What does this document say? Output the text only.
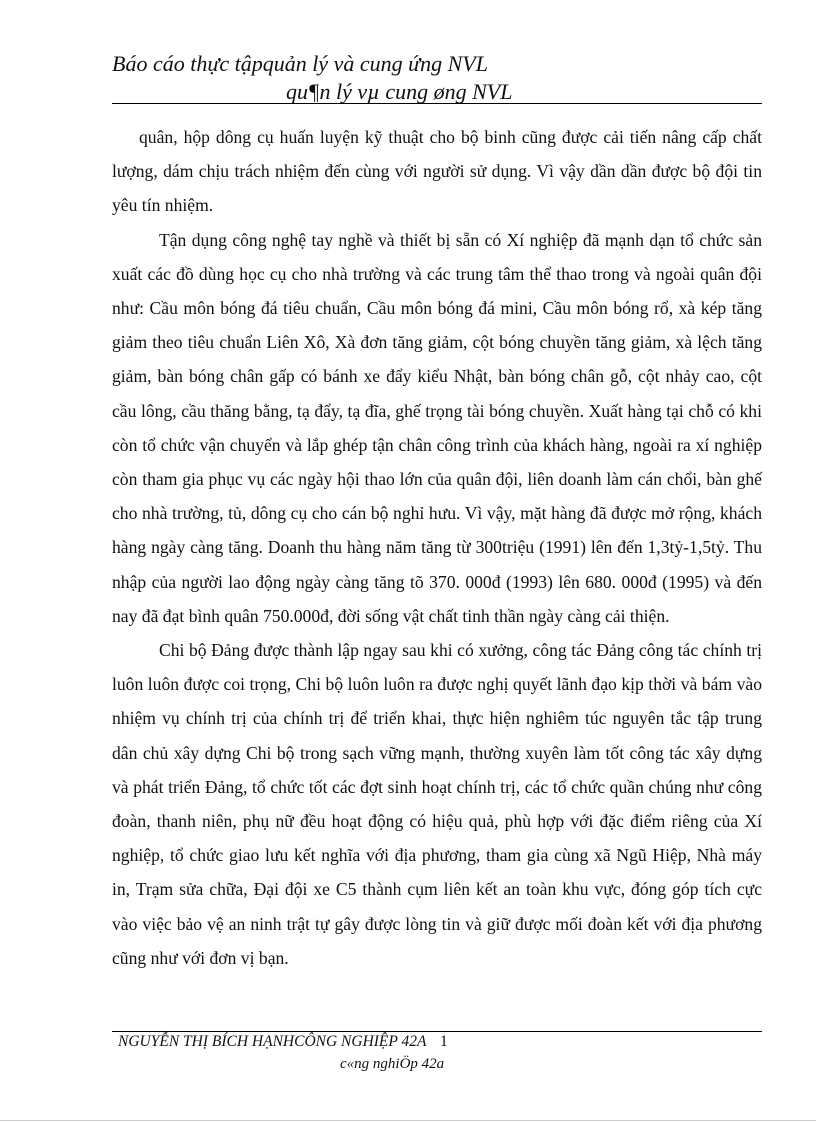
Báo cáo thực tậpquản lý và cung ứng NVL
qu¶n lý vµ cung øng NVL

quân, hộp dông cụ huấn luyện kỹ thuật cho bộ binh cũng được cải tiến nâng cấp chất lượng, dám chịu trách nhiệm đến cùng với người sử dụng. Vì vậy dần dần được bộ đội tin yêu tín nhiệm.

Tận dụng công nghệ tay nghề và thiết bị sẵn có Xí nghiệp đã mạnh dạn tổ chức sản xuất các đồ dùng học cụ cho nhà trường và các trung tâm thể thao trong và ngoài quân đội như: Cầu môn bóng đá tiêu chuẩn, Cầu môn bóng đá mini, Cầu môn bóng rổ, xà kép tăng giảm theo tiêu chuẩn Liên Xô, Xà đơn tăng giảm, cột bóng chuyền tăng giảm, xà lệch tăng giảm, bàn bóng chân gấp có bánh xe đẩy kiểu Nhật, bàn bóng chân gỗ, cột nhảy cao, cột cầu lông, cầu thăng bằng, tạ đẩy, tạ đĩa, ghế trọng tài bóng chuyền. Xuất hàng tại chỗ có khi còn tổ chức vận chuyển và lắp ghép tận chân công trình của khách hàng, ngoài ra xí nghiệp còn tham gia phục vụ các ngày hội thao lớn của quân đội, liên doanh làm cán chổi, bàn ghế cho nhà trường, tủ, dông cụ cho cán bộ nghỉ hưu. Vì vậy, mặt hàng đã được mở rộng, khách hàng ngày càng tăng. Doanh thu hàng năm tăng từ 300triệu (1991) lên đến 1,3tỷ-1,5tỷ. Thu nhập của người lao động ngày càng tăng tõ 370. 000đ (1993) lên 680. 000đ (1995) và đến nay đã đạt bình quân 750.000đ, đời sống vật chất tinh thần ngày càng cải thiện.

Chi bộ Đảng được thành lập ngay sau khi có xưởng, công tác Đảng công tác chính trị luôn luôn được coi trọng, Chi bộ luôn luôn ra được nghị quyết lãnh đạo kịp thời và bám vào nhiệm vụ chính trị của chính trị để triển khai, thực hiện nghiêm túc nguyên tắc tập trung dân chủ xây dựng Chi bộ trong sạch vững mạnh, thường xuyên làm tốt công tác xây dựng và phát triển Đảng, tổ chức tốt các đợt sinh hoạt chính trị, các tổ chức quần chúng như công đoàn, thanh niên, phụ nữ đều hoạt động có hiệu quả, phù hợp với đặc điểm riêng của Xí nghiệp, tổ chức giao lưu kết nghĩa với địa phương, tham gia cùng xã Ngũ Hiệp, Nhà máy in, Trạm sửa chữa, Đại đội xe C5 thành cụm liên kết an toàn khu vực, đóng góp tích cực vào việc bảo vệ an ninh trật tự gây được lòng tin và giữ được mối đoàn kết với địa phương cũng như với đơn vị bạn.

NGUYỄN THỊ BÍCH HẠNHCÔNG NGHIỆP 42A 1
c«ng nghiÖp 42a
